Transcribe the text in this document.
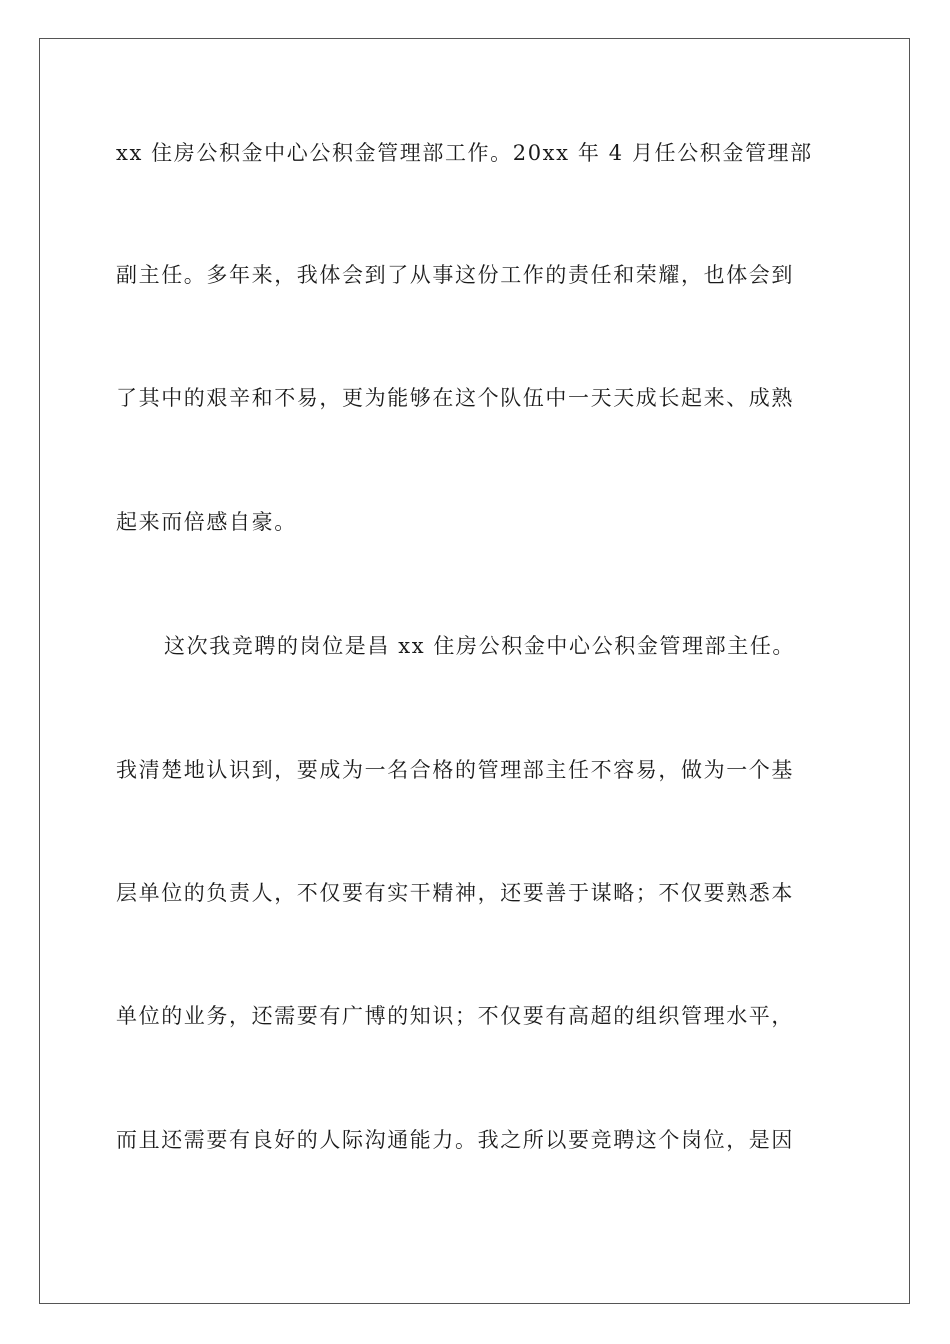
xx 住房公积金中心公积金管理部工作。20xx 年 4 月任公积金管理部
副主任。多年来，我体会到了从事这份工作的责任和荣耀，也体会到
了其中的艰辛和不易，更为能够在这个队伍中一天天成长起来、成熟
起来而倍感自豪。
这次我竞聘的岗位是昌 xx 住房公积金中心公积金管理部主任。
我清楚地认识到，要成为一名合格的管理部主任不容易，做为一个基
层单位的负责人，不仅要有实干精神，还要善于谋略；不仅要熟悉本
单位的业务，还需要有广博的知识；不仅要有高超的组织管理水平，
而且还需要有良好的人际沟通能力。我之所以要竞聘这个岗位，是因
